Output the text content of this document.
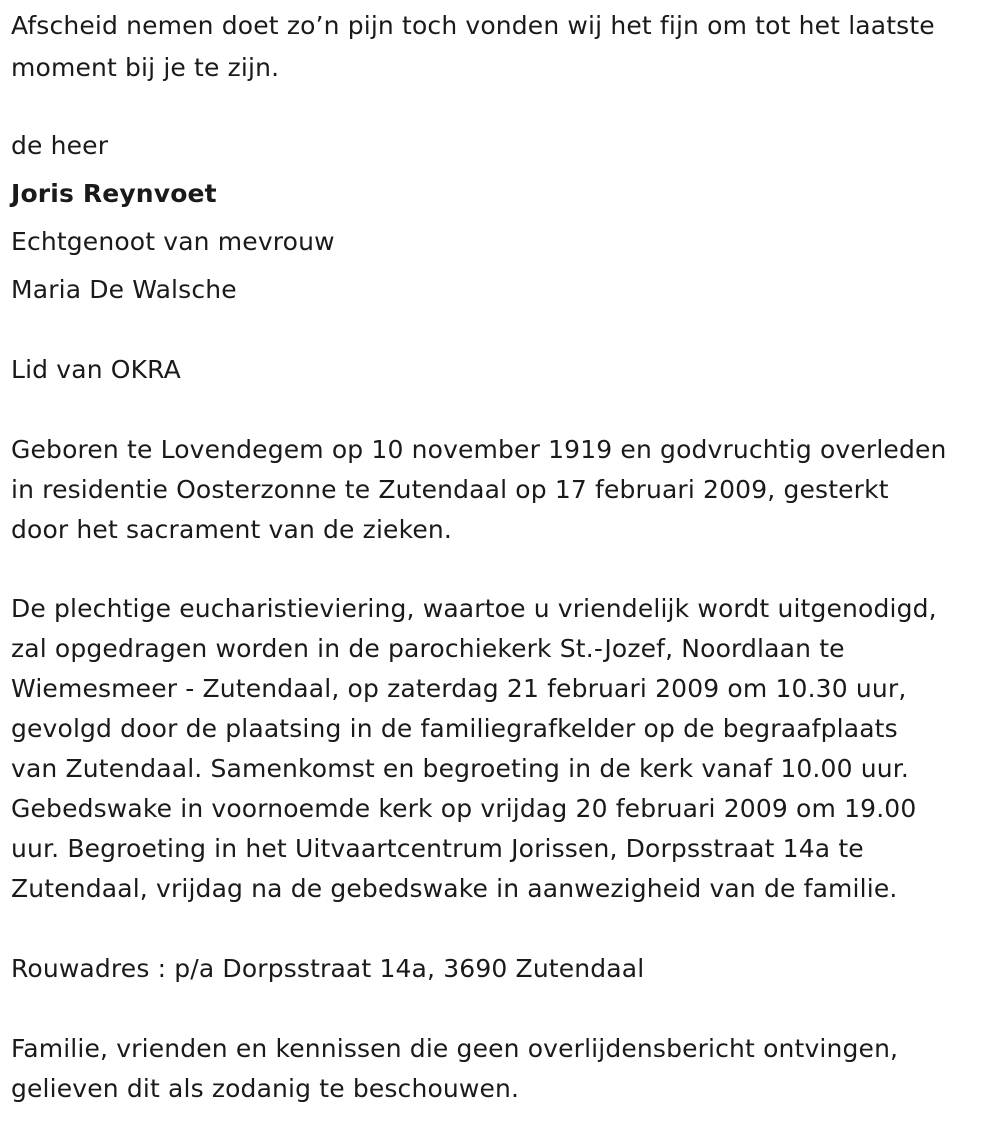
Afscheid nemen doet zo’n pijn toch vonden wij het fijn om tot het laatste
moment bij je te zijn.
de heer
Joris Reynvoet
Echtgenoot van mevrouw
Maria De Walsche
Lid van OKRA
Geboren te Lovendegem op 10 november 1919 en godvruchtig overleden
in residentie Oosterzonne te Zutendaal op 17 februari 2009, gesterkt
door het sacrament van de zieken.
De plechtige eucharistieviering, waartoe u vriendelijk wordt uitgenodigd,
zal opgedragen worden in de parochiekerk St.-Jozef, Noordlaan te
Wiemesmeer - Zutendaal, op zaterdag 21 februari 2009 om 10.30 uur,
gevolgd door de plaatsing in de familiegrafkelder op de begraafplaats
van Zutendaal. Samenkomst en begroeting in de kerk vanaf 10.00 uur.
Gebedswake in voornoemde kerk op vrijdag 20 februari 2009 om 19.00
uur. Begroeting in het Uitvaartcentrum Jorissen, Dorpsstraat 14a te
Zutendaal, vrijdag na de gebedswake in aanwezigheid van de familie.
Rouwadres : p/a Dorpsstraat 14a, 3690 Zutendaal
Familie, vrienden en kennissen die geen overlijdensbericht ontvingen,
gelieven dit als zodanig te beschouwen.
